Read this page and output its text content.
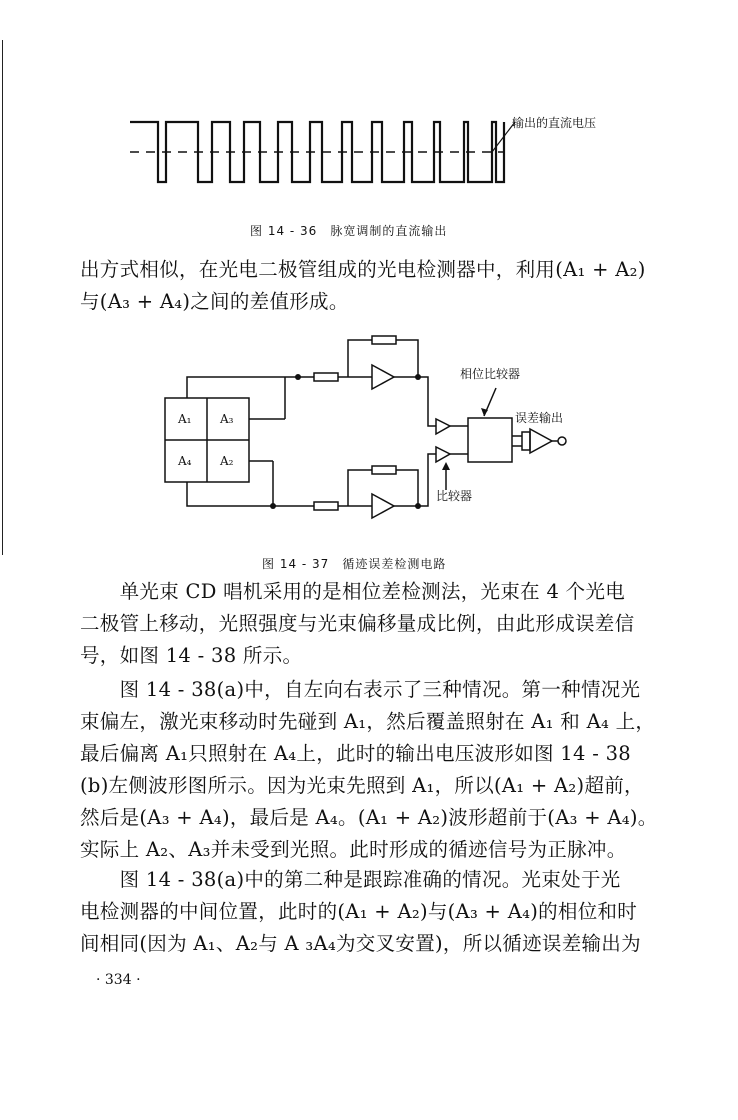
输出的直流电压
图 14 - 36　脉宽调制的直流输出
出方式相似，在光电二极管组成的光电检测器中，利用(A₁ + A₂)
与(A₃ + A₄)之间的差值形成。
A₁ A₃
A₄ A₂
相位比较器
误差输出
比较器
图 14 - 37　循迹误差检测电路
　　单光束 CD 唱机采用的是相位差检测法，光束在 4 个光电
二极管上移动，光照强度与光束偏移量成比例，由此形成误差信
号，如图 14 - 38 所示。
　　图 14 - 38(a)中，自左向右表示了三种情况。第一种情况光
束偏左，激光束移动时先碰到 A₁，然后覆盖照射在 A₁ 和 A₄ 上，
最后偏离 A₁只照射在 A₄上，此时的输出电压波形如图 14 - 38
(b)左侧波形图所示。因为光束先照到 A₁，所以(A₁ + A₂)超前，
然后是(A₃ + A₄)，最后是 A₄。(A₁ + A₂)波形超前于(A₃ + A₄)。
实际上 A₂、A₃并未受到光照。此时形成的循迹信号为正脉冲。
　　图 14 - 38(a)中的第二种是跟踪准确的情况。光束处于光
电检测器的中间位置，此时的(A₁ + A₂)与(A₃ + A₄)的相位和时
间相同(因为 A₁、A₂与 A ₃A₄为交叉安置)，所以循迹误差输出为
· 334 ·
